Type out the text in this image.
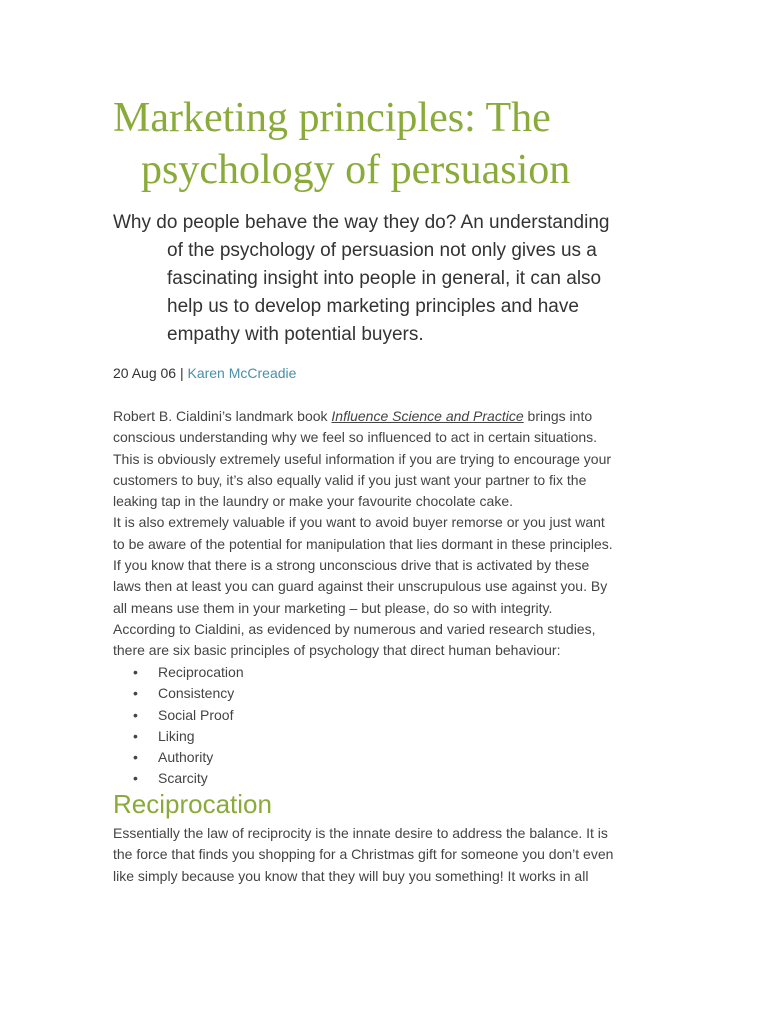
Marketing principles: The
psychology of persuasion
Why do people behave the way they do? An understanding
of the psychology of persuasion not only gives us a
fascinating insight into people in general, it can also
help us to develop marketing principles and have
empathy with potential buyers.
20 Aug 06 | Karen McCreadie
Robert B. Cialdini’s landmark book Influence Science and Practice brings into
conscious understanding why we feel so influenced to act in certain situations.
This is obviously extremely useful information if you are trying to encourage your
customers to buy, it’s also equally valid if you just want your partner to fix the
leaking tap in the laundry or make your favourite chocolate cake.
It is also extremely valuable if you want to avoid buyer remorse or you just want
to be aware of the potential for manipulation that lies dormant in these principles.
If you know that there is a strong unconscious drive that is activated by these
laws then at least you can guard against their unscrupulous use against you. By
all means use them in your marketing – but please, do so with integrity.
According to Cialdini, as evidenced by numerous and varied research studies,
there are six basic principles of psychology that direct human behaviour:
• Reciprocation
• Consistency
• Social Proof
• Liking
• Authority
• Scarcity
Reciprocation
Essentially the law of reciprocity is the innate desire to address the balance. It is
the force that finds you shopping for a Christmas gift for someone you don’t even
like simply because you know that they will buy you something! It works in all
